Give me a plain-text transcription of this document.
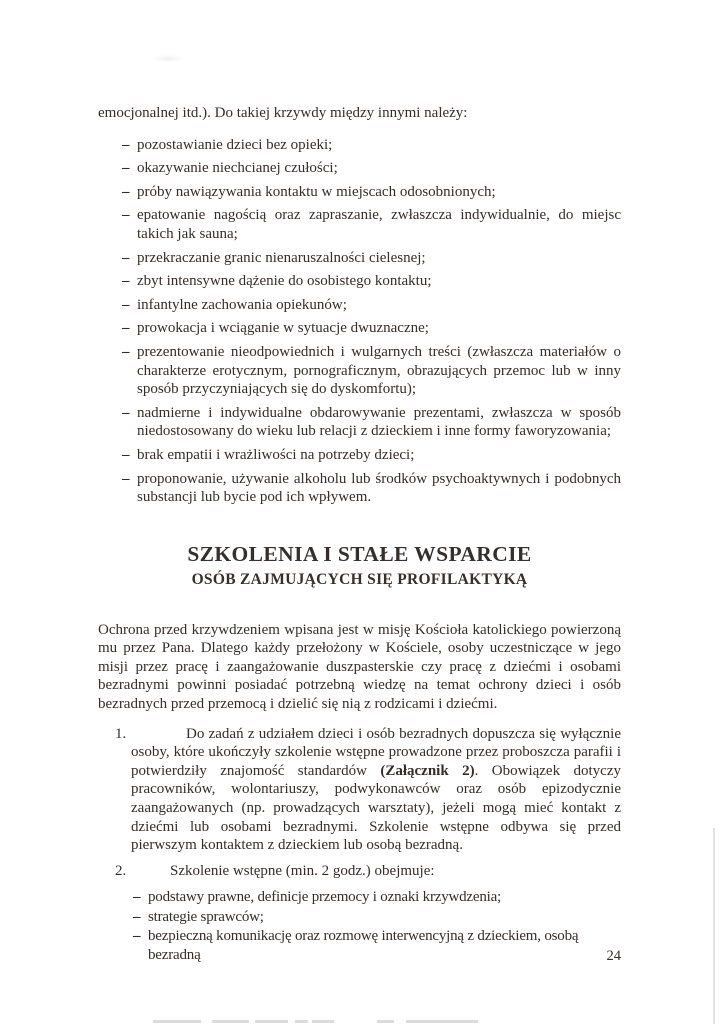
emocjonalnej itd.). Do takiej krzywdy między innymi należy:

– pozostawianie dzieci bez opieki;
– okazywanie niechcianej czułości;
– próby nawiązywania kontaktu w miejscach odosobnionych;
– epatowanie nagością oraz zapraszanie, zwłaszcza indywidualnie, do miejsc takich jak sauna;
– przekraczanie granic nienaruszalności cielesnej;
– zbyt intensywne dążenie do osobistego kontaktu;
– infantylne zachowania opiekunów;
– prowokacja i wciąganie w sytuacje dwuznaczne;
– prezentowanie nieodpowiednich i wulgarnych treści (zwłaszcza materiałów o charakterze erotycznym, pornograficznym, obrazujących przemoc lub w inny sposób przyczyniających się do dyskomfortu);
– nadmierne i indywidualne obdarowywanie prezentami, zwłaszcza w sposób niedostosowany do wieku lub relacji z dzieckiem i inne formy faworyzowania;
– brak empatii i wrażliwości na potrzeby dzieci;
– proponowanie, używanie alkoholu lub środków psychoaktywnych i podobnych substancji lub bycie pod ich wpływem.
SZKOLENIA I STAŁE WSPARCIE
OSÓB ZAJMUJĄCYCH SIĘ PROFILAKTYKĄ

Ochrona przed krzywdzeniem wpisana jest w misję Kościoła katolickiego powierzoną mu przez Pana. Dlatego każdy przełożony w Kościele, osoby uczestniczące w jego misji przez pracę i zaangażowanie duszpasterskie czy pracę z dziećmi i osobami bezradnymi powinni posiadać potrzebną wiedzę na temat ochrony dzieci i osób bezradnych przed przemocą i dzielić się nią z rodzicami i dziećmi.

1.	Do zadań z udziałem dzieci i osób bezradnych dopuszcza się wyłącznie osoby, które ukończyły szkolenie wstępne prowadzone przez proboszcza parafii i potwierdziły znajomość standardów (Załącznik 2). Obowiązek dotyczy pracowników, wolontariuszy, podwykonawców oraz osób epizodycznie zaangażowanych (np. prowadzących warsztaty), jeżeli mogą mieć kontakt z dziećmi lub osobami bezradnymi. Szkolenie wstępne odbywa się przed pierwszym kontaktem z dzieckiem lub osobą bezradną.

2.	Szkolenie wstępne (min. 2 godz.) obejmuje:

– podstawy prawne, definicje przemocy i oznaki krzywdzenia;
– strategie sprawców;
– bezpieczną komunikację oraz rozmowę interwencyjną z dzieckiem, osobą bezradną	24
